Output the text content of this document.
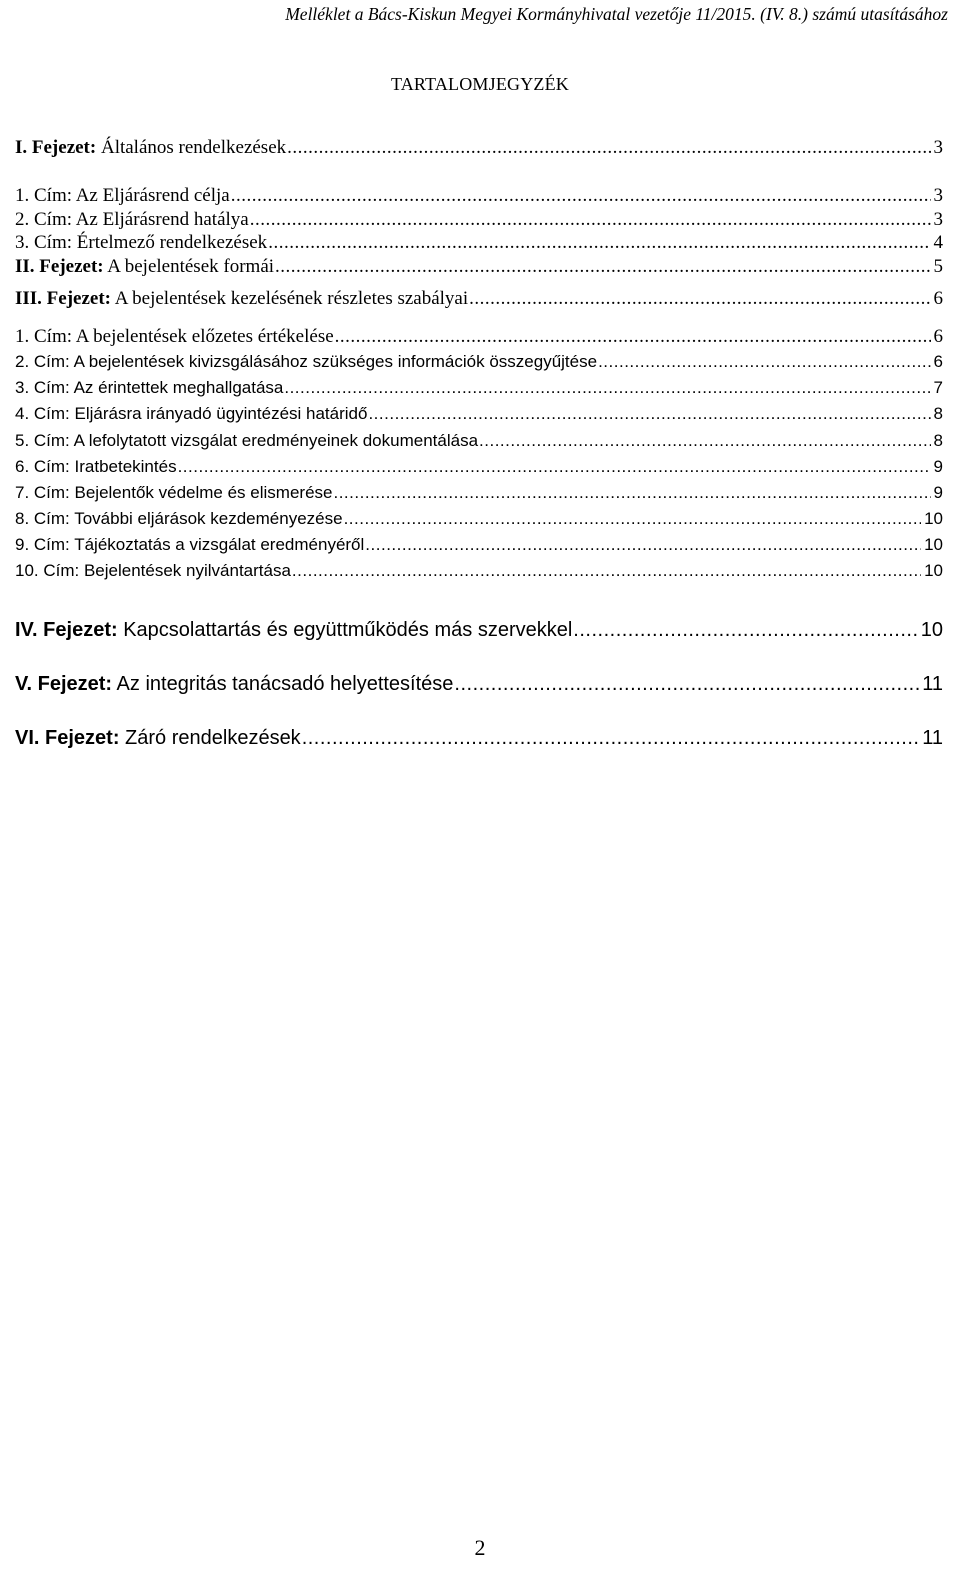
Melléklet a Bács-Kiskun Megyei Kormányhivatal vezetője 11/2015. (IV. 8.) számú utasításához
TARTALOMJEGYZÉK
I. Fejezet: Általános rendelkezések .....	3
1. Cím: Az Eljárásrend célja .....	3
2. Cím: Az Eljárásrend hatálya .....	3
3. Cím: Értelmező rendelkezések .....	4
II. Fejezet: A bejelentések formái .....	5
III. Fejezet: A bejelentések kezelésének részletes szabályai .....	6
1. Cím: A bejelentések előzetes értékelése .....	6
2. Cím: A bejelentések kivizsgálásához szükséges információk összegyűjtése .....	6
3. Cím: Az érintettek meghallgatása .....	7
4. Cím: Eljárásra irányadó ügyintézési határidő .....	8
5. Cím: A lefolytatott vizsgálat eredményeinek dokumentálása .....	8
6. Cím: Iratbetekintés .....	9
7. Cím: Bejelentők védelme és elismerése .....	9
8. Cím: További eljárások kezdeményezése .....	10
9. Cím: Tájékoztatás a vizsgálat eredményéről .....	10
10. Cím: Bejelentések nyilvántartása .....	10
IV. Fejezet: Kapcsolattartás és együttműködés más szervekkel .....	10
V. Fejezet: Az integritás tanácsadó helyettesítése .....	11
VI. Fejezet: Záró rendelkezések .....	11
2
